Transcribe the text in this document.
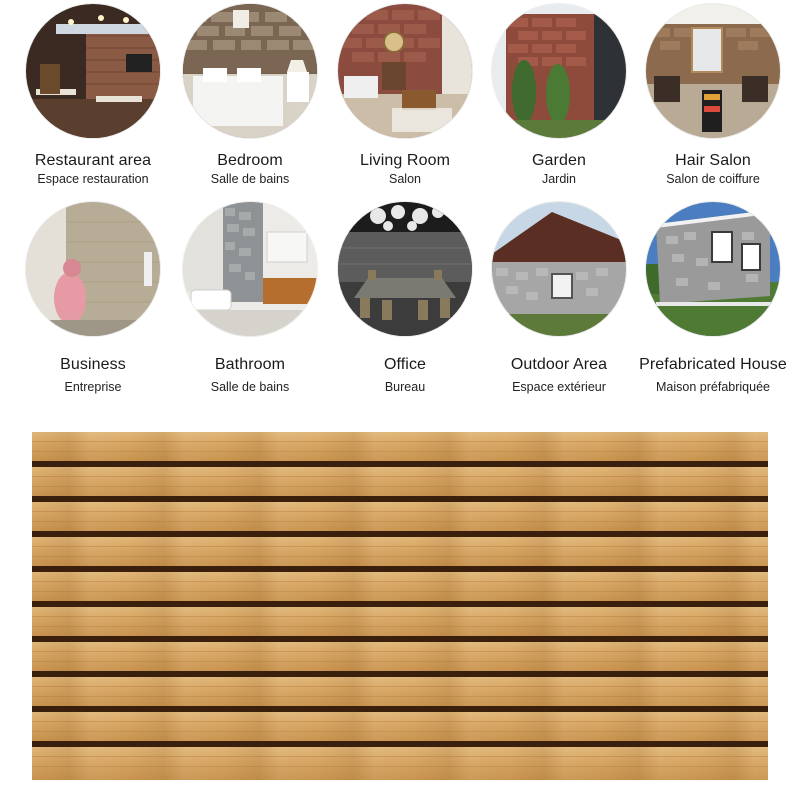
Restaurant area
Espace restauration
Bedroom
Salle de bains
Living Room
Salon
Garden
Jardin
Hair Salon
Salon de coiffure
Business
Entreprise
Bathroom
Salle de bains
Office
Bureau
Outdoor Area
Espace extérieur
Prefabricated House
Maison préfabriquée
